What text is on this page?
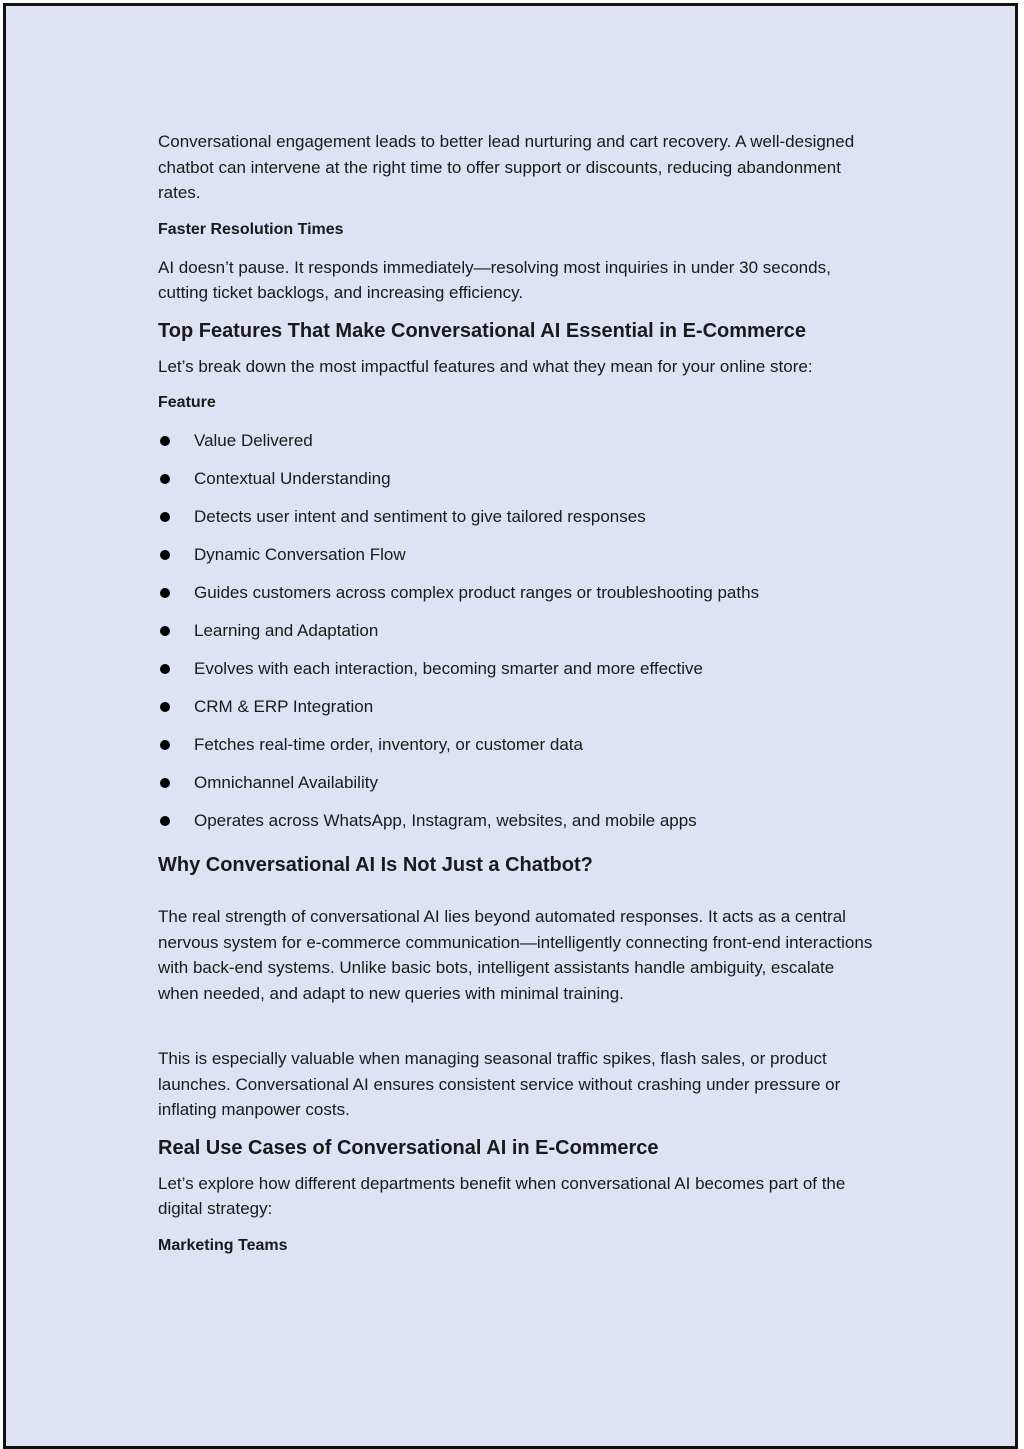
Conversational engagement leads to better lead nurturing and cart recovery. A well-designed chatbot can intervene at the right time to offer support or discounts, reducing abandonment rates.

Faster Resolution Times

AI doesn’t pause. It responds immediately—resolving most inquiries in under 30 seconds, cutting ticket backlogs, and increasing efficiency.

Top Features That Make Conversational AI Essential in E-Commerce

Let’s break down the most impactful features and what they mean for your online store:

Feature

Value Delivered
Contextual Understanding
Detects user intent and sentiment to give tailored responses
Dynamic Conversation Flow
Guides customers across complex product ranges or troubleshooting paths
Learning and Adaptation
Evolves with each interaction, becoming smarter and more effective
CRM & ERP Integration
Fetches real-time order, inventory, or customer data
Omnichannel Availability
Operates across WhatsApp, Instagram, websites, and mobile apps

Why Conversational AI Is Not Just a Chatbot?

The real strength of conversational AI lies beyond automated responses. It acts as a central nervous system for e-commerce communication—intelligently connecting front-end interactions with back-end systems. Unlike basic bots, intelligent assistants handle ambiguity, escalate when needed, and adapt to new queries with minimal training.

This is especially valuable when managing seasonal traffic spikes, flash sales, or product launches. Conversational AI ensures consistent service without crashing under pressure or inflating manpower costs.

Real Use Cases of Conversational AI in E-Commerce

Let’s explore how different departments benefit when conversational AI becomes part of the digital strategy:

Marketing Teams
